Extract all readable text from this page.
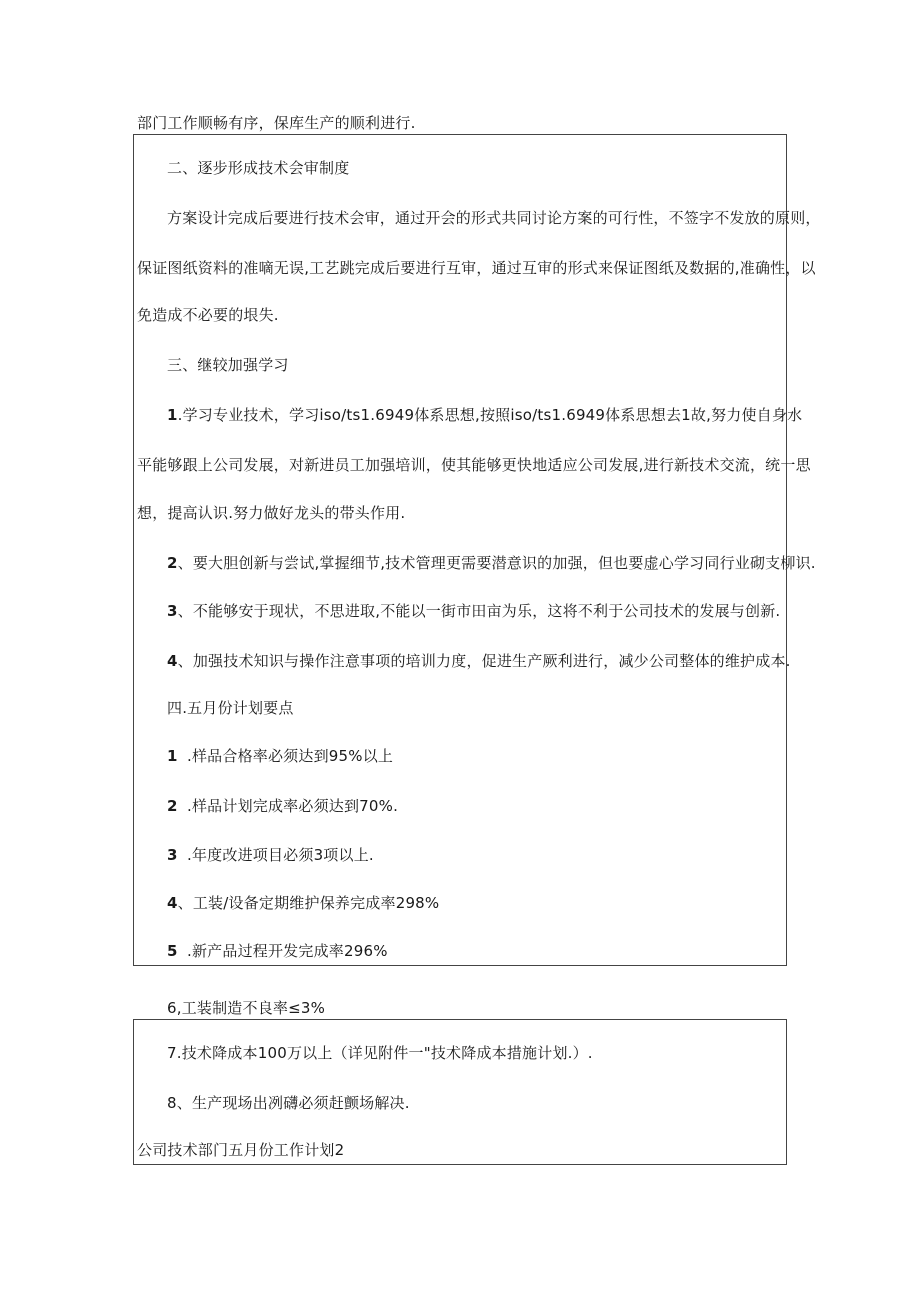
部门工作顺畅有序，保库生产的顺利进行.
二、逐步形成技术会审制度
方案设计完成后要进行技术会审，通过开会的形式共同讨论方案的可行性，不签字不发放的原则，
保证图纸资料的准嘀无误,工艺跳完成后要进行互审，通过互审的形式来保证图纸及数据的,准确性，以
免造成不必要的垠失.
三、继较加强学习
1 .学习专业技术，学习iso/ts1.6949体系思想,按照iso/ts1.6949体系思想去1故,努力使自身水
平能够跟上公司发展，对新进员工加强培训，使其能够更快地适应公司发展,进行新技术交流，统一思
想，提高认识.努力做好龙头的带头作用.
2、要大胆创新与尝试,掌握细节,技术管理更需要潜意识的加强，但也要虚心学习同行业砌支柳识.
3、不能够安于现状，不思进取,不能以一街市田亩为乐，这将不利于公司技术的发展与创新.
4、加强技术知识与操作注意事项的培训力度，促进生产厥利进行，减少公司整体的维护成本.
四.五月份计划要点
1 .样品合格率必须达到95%以上
2 .样品计划完成率必须达到70%.
3 .年度改进项目必须3项以上.
4、工装/设备定期维护保养完成率298%
5 .新产品过程开发完成率296%
6,工装制造不良率≤3%
7.技术降成本100万以上（详见附件一"技术降成本措施计划.）.
8、生产现场出冽礴必须赶颤场解决.
公司技术部门五月份工作计划2
